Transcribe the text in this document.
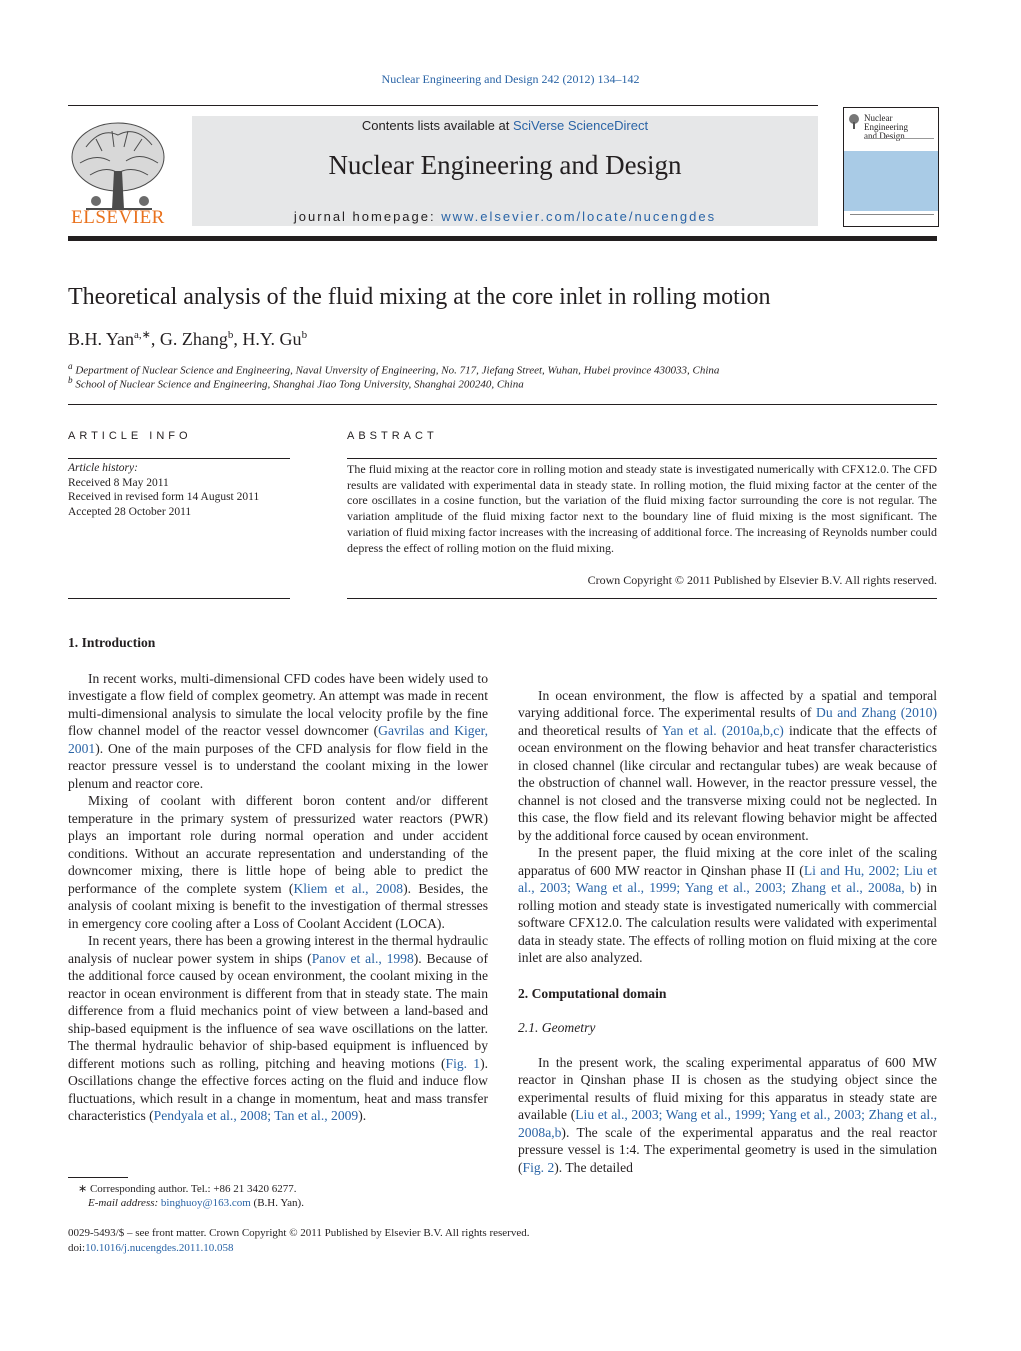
Nuclear Engineering and Design 242 (2012) 134–142
ELSEVIER
Contents lists available at SciVerse ScienceDirect
Nuclear Engineering and Design
journal homepage: www.elsevier.com/locate/nucengdes
Nuclear Engineering
and Design
Theoretical analysis of the fluid mixing at the core inlet in rolling motion
B.H. Yan$^{a,∗}$, G. Zhang$^b$, H.Y. Gu$^b$
$^a$ Department of Nuclear Science and Engineering, Naval Unversity of Engineering, No. 717, Jiefang Street, Wuhan, Hubei province 430033, China
$^b$ School of Nuclear Science and Engineering, Shanghai Jiao Tong University, Shanghai 200240, China
ARTICLE INFO	ABSTRACT
Article history:
Received 8 May 2011
Received in revised form 14 August 2011
Accepted 28 October 2011
The fluid mixing at the reactor core in rolling motion and steady state is investigated numerically with CFX12.0. The CFD results are validated with experimental data in steady state. In rolling motion, the fluid mixing factor at the center of the core oscillates in a cosine function, but the variation of the fluid mixing factor surrounding the core is not regular. The variation amplitude of the fluid mixing factor next to the boundary line of fluid mixing is the most significant. The variation of fluid mixing factor increases with the increasing of additional force. The increasing of Reynolds number could depress the effect of rolling motion on the fluid mixing.
Crown Copyright © 2011 Published by Elsevier B.V. All rights reserved.
1. Introduction

In recent works, multi-dimensional CFD codes have been widely used to investigate a flow field of complex geometry. An attempt was made in recent multi-dimensional analysis to simulate the local velocity profile by the fine flow channel model of the reactor vessel downcomer (Gavrilas and Kiger, 2001). One of the main purposes of the CFD analysis for flow field in the reactor pressure vessel is to understand the coolant mixing in the lower plenum and reactor core.

Mixing of coolant with different boron content and/or different temperature in the primary system of pressurized water reactors (PWR) plays an important role during normal operation and under accident conditions. Without an accurate representation and understanding of the downcomer mixing, there is little hope of being able to predict the performance of the complete system (Kliem et al., 2008). Besides, the analysis of coolant mixing is benefit to the investigation of thermal stresses in emergency core cooling after a Loss of Coolant Accident (LOCA).

In recent years, there has been a growing interest in the thermal hydraulic analysis of nuclear power system in ships (Panov et al., 1998). Because of the additional force caused by ocean environment, the coolant mixing in the reactor in ocean environment is different from that in steady state. The main difference from a fluid mechanics point of view between a land-based and ship-based equipment is the influence of sea wave oscillations on the latter. The thermal hydraulic behavior of ship-based equipment is influenced by different motions such as rolling, pitching and heaving motions (Fig. 1). Oscillations change the effective forces acting on the fluid and induce flow fluctuations, which result in a change in momentum, heat and mass transfer characteristics (Pendyala et al., 2008; Tan et al., 2009).

In ocean environment, the flow is affected by a spatial and temporal varying additional force. The experimental results of Du and Zhang (2010) and theoretical results of Yan et al. (2010a,b,c) indicate that the effects of ocean environment on the flowing behavior and heat transfer characteristics in closed channel (like circular and rectangular tubes) are weak because of the obstruction of channel wall. However, in the reactor pressure vessel, the channel is not closed and the transverse mixing could not be neglected. In this case, the flow field and its relevant flowing behavior might be affected by the additional force caused by ocean environment.

In the present paper, the fluid mixing at the core inlet of the scaling apparatus of 600 MW reactor in Qinshan phase II (Li and Hu, 2002; Liu et al., 2003; Wang et al., 1999; Yang et al., 2003; Zhang et al., 2008a, b) in rolling motion and steady state is investigated numerically with commercial software CFX12.0. The calculation results were validated with experimental data in steady state. The effects of rolling motion on fluid mixing at the core inlet are also analyzed.

2. Computational domain
2.1. Geometry

In the present work, the scaling experimental apparatus of 600 MW reactor in Qinshan phase II is chosen as the studying object since the experimental results of fluid mixing for this apparatus in steady state are available (Liu et al., 2003; Wang et al., 1999; Yang et al., 2003; Zhang et al., 2008a,b). The scale of the experimental apparatus and the real reactor pressure vessel is 1:4. The experimental geometry is used in the simulation (Fig. 2). The detailed

∗ Corresponding author. Tel.: +86 21 3420 6277.
E-mail address: binghuoy@163.com (B.H. Yan).
0029-5493/$ – see front matter. Crown Copyright © 2011 Published by Elsevier B.V. All rights reserved.
doi:10.1016/j.nucengdes.2011.10.058
